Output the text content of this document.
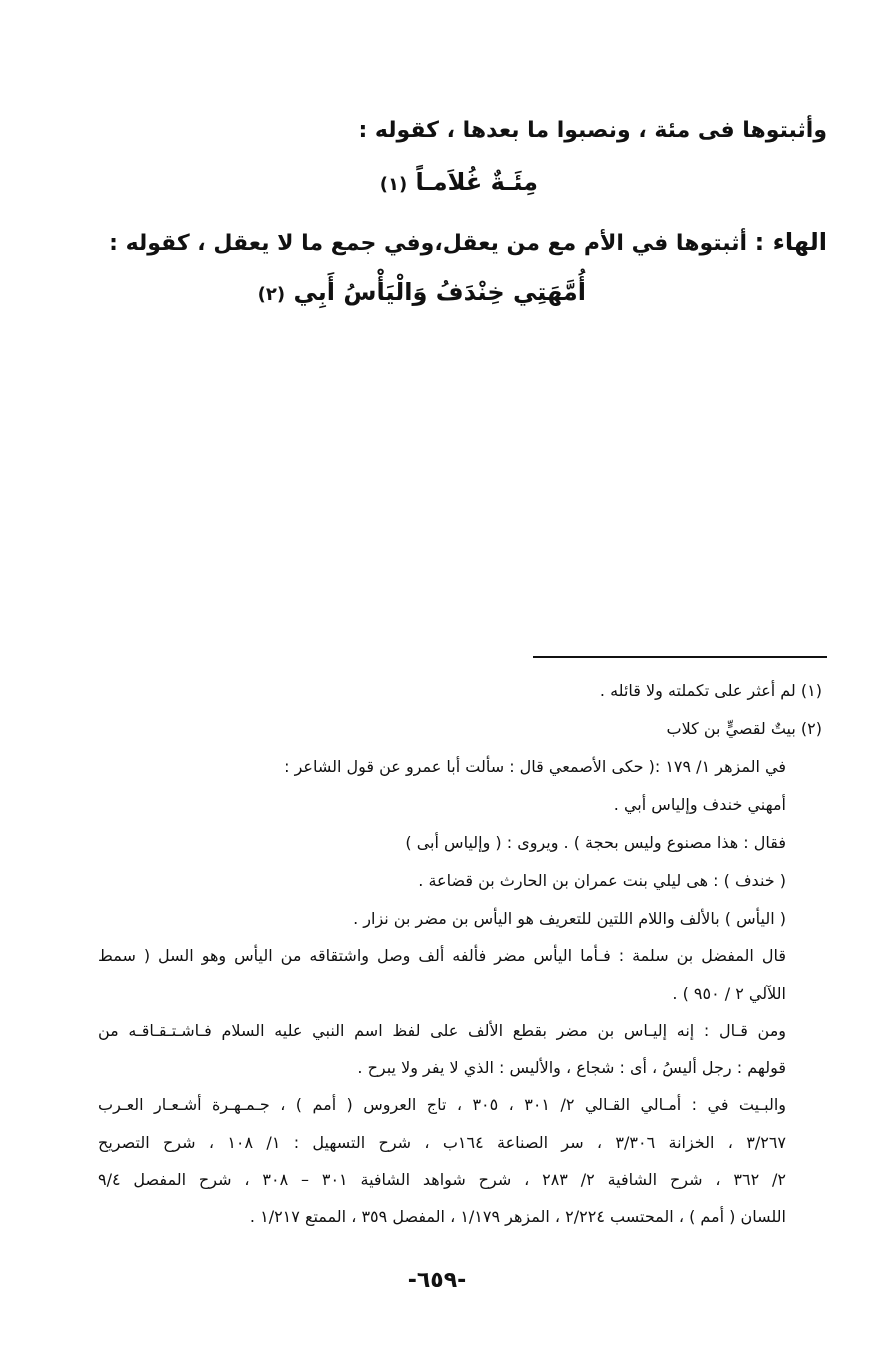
وأثبتوها فى مئة ، ونصبوا ما بعدها ، كقوله :
مِئَـةٌ غُلاَمـاً (١)
الهاء : أثبتوها في الأم مع من يعقل،وفي جمع ما لا يعقل ، كقوله :
أُمَّهَتِي خِنْدَفُ وَالْيَأْسُ أَبِي (٢)
(١) لم أعثر على تكملته ولا قائله .
(٢) بيتٌ لقصيٍّ بن كلاب
في المزهر ١/ ١٧٩ :( حكى الأصمعي قال : سألت أبا عمرو عن قول الشاعر :
أمهني خندف وإلياس أبي .
فقال : هذا مصنوع وليس بحجة ) . ويروى : ( وإلياس أبى )
( خندف ) : هى ليلي بنت عمران بن الحارث بن قضاعة .
( اليأس ) بالألف واللام اللتين للتعريف هو اليأس بن مضر بن نزار .
قال المفضل بن سلمة : فـأما اليأس مضر فألفه ألف وصل واشتقاقه من اليأس وهو السل ( سمط
اللآلي ٢ / ٩٥٠ ) .
ومن قـال : إنه إليـاس بن مضر بقطع الألف على لفظ اسم النبي عليه السلام فـاشـتـقـاقـه من
قولهم : رجل أليسُ ، أى : شجاع ، والأليس : الذي لا يفر ولا يبرح .
والبـيت في : أمـالي القـالي ٢/ ٣٠١ ، ٣٠٥ ، تاج العروس ( أمم ) ، جـمـهـرة أشـعـار العـرب
٣/٢٦٧ ، الخزانة ٣/٣٠٦ ، سر الصناعة ١٦٤ب ، شرح التسهيل : ١/ ١٠٨ ، شرح التصريح
٢/ ٣٦٢ ، شرح الشافية ٢/ ٢٨٣ ، شرح شواهد الشافية ٣٠١ – ٣٠٨ ، شرح المفصل ٩/٤
اللسان ( أمم ) ، المحتسب ٢/٢٢٤ ، المزهر ١/١٧٩ ، المفصل ٣٥٩ ، الممتع ١/٢١٧ .
-٦٥٩-
